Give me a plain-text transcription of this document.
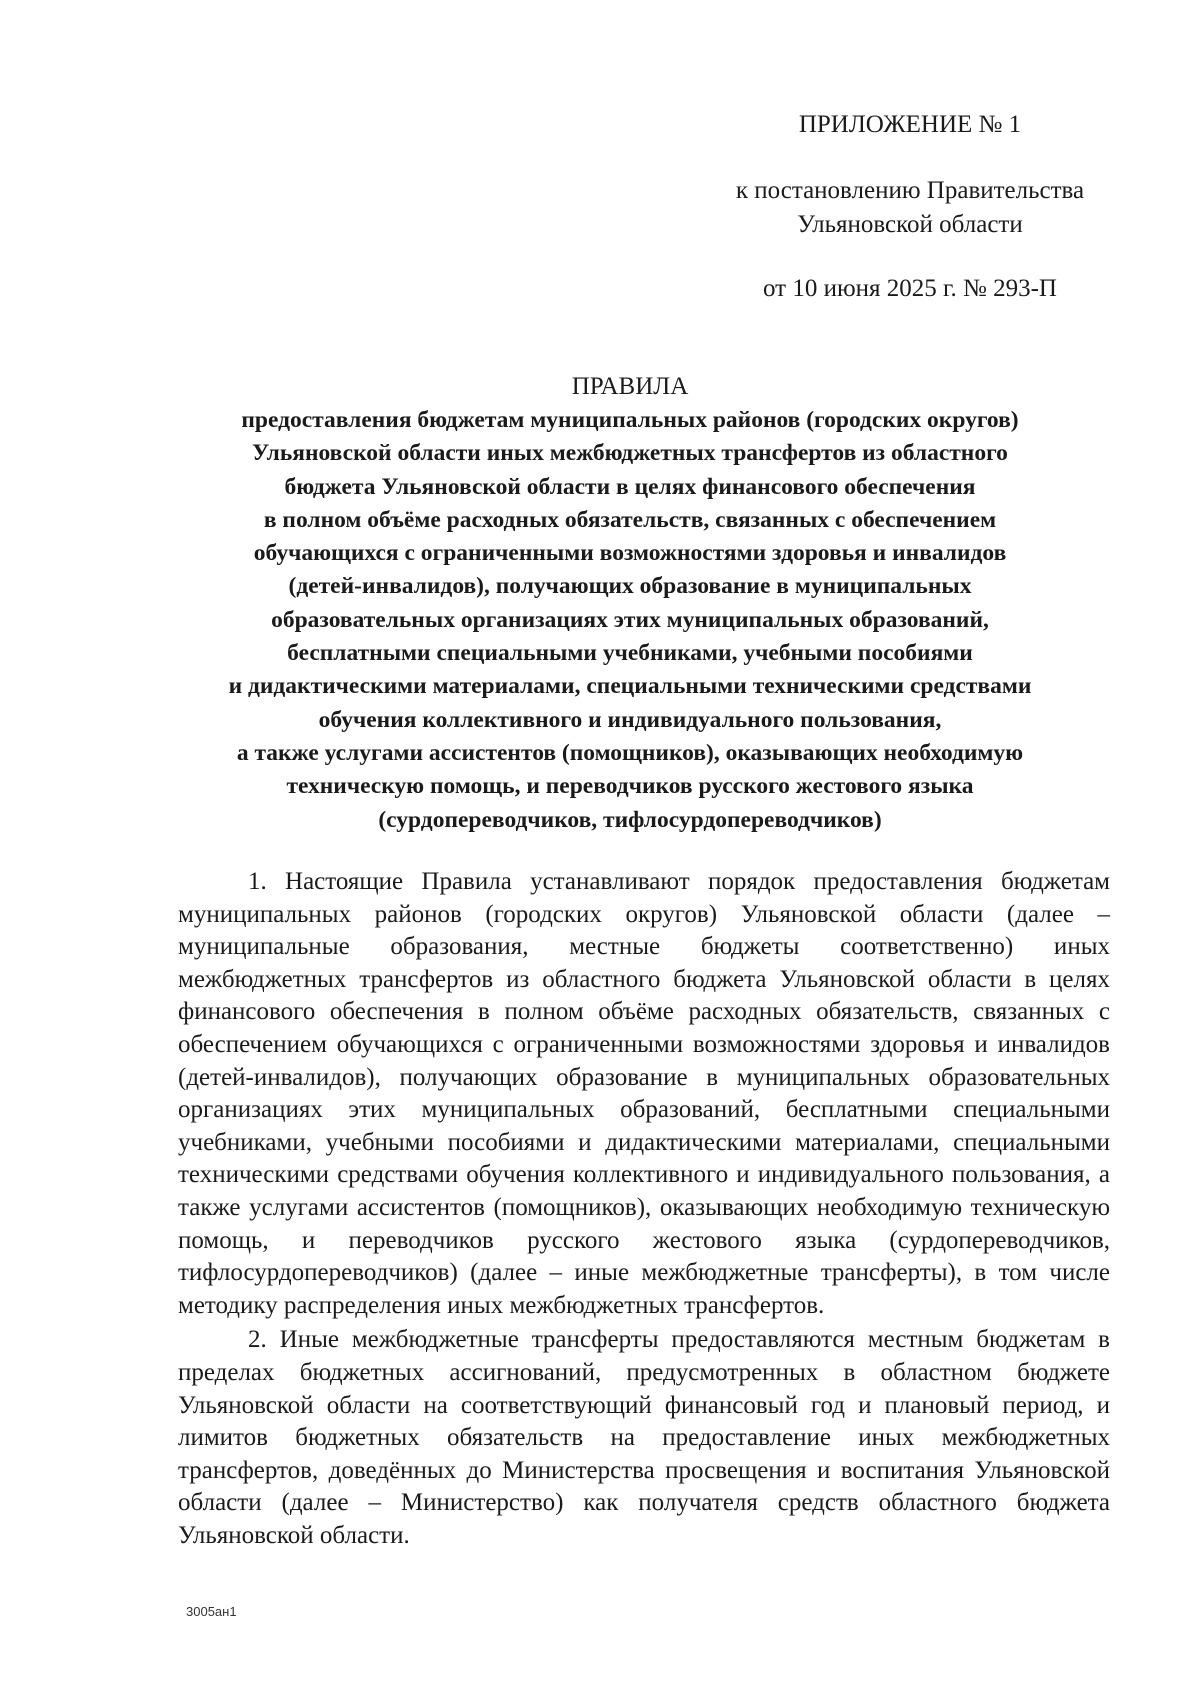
ПРИЛОЖЕНИЕ № 1
к постановлению Правительства
Ульяновской области
от 10 июня 2025 г. № 293-П
ПРАВИЛА
предоставления бюджетам муниципальных районов (городских округов)
Ульяновской области иных межбюджетных трансфертов из областного
бюджета Ульяновской области в целях финансового обеспечения
в полном объёме расходных обязательств, связанных с обеспечением
обучающихся с ограниченными возможностями здоровья и инвалидов
(детей-инвалидов), получающих образование в муниципальных
образовательных организациях этих муниципальных образований,
бесплатными специальными учебниками, учебными пособиями
и дидактическими материалами, специальными техническими средствами
обучения коллективного и индивидуального пользования,
а также услугами ассистентов (помощников), оказывающих необходимую
техническую помощь, и переводчиков русского жестового языка
(сурдопереводчиков, тифлосурдопереводчиков)

1. Настоящие Правила устанавливают порядок предоставления бюджетам муниципальных районов (городских округов) Ульяновской области (далее – муниципальные образования, местные бюджеты соответственно) иных межбюджетных трансфертов из областного бюджета Ульяновской области в целях финансового обеспечения в полном объёме расходных обязательств, связанных с обеспечением обучающихся с ограниченными возможностями здоровья и инвалидов (детей-инвалидов), получающих образование в муниципальных образовательных организациях этих муниципальных образований, бесплатными специальными учебниками, учебными пособиями и дидактическими материалами, специальными техническими средствами обучения коллективного и индивидуального пользования, а также услугами ассистентов (помощников), оказывающих необходимую техническую помощь, и переводчиков русского жестового языка (сурдопереводчиков, тифлосурдопереводчиков) (далее – иные межбюджетные трансферты), в том числе методику распределения иных межбюджетных трансфертов.

2. Иные межбюджетные трансферты предоставляются местным бюджетам в пределах бюджетных ассигнований, предусмотренных в областном бюджете Ульяновской области на соответствующий финансовый год и плановый период, и лимитов бюджетных обязательств на предоставление иных межбюджетных трансфертов, доведённых до Министерства просвещения и воспитания Ульяновской области (далее – Министерство) как получателя средств областного бюджета Ульяновской области.

3005ан1
